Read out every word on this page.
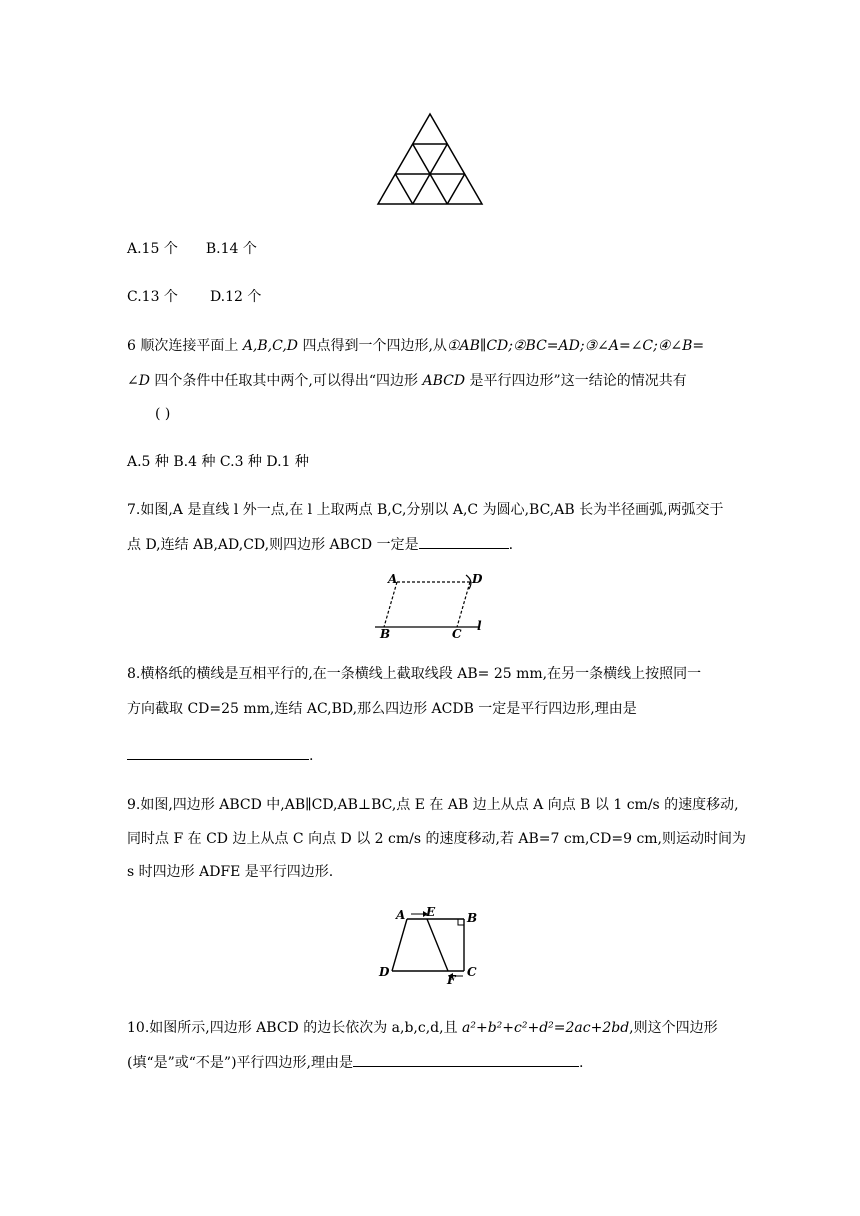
A.15 个 B.14 个
C.13 个 D.12 个
6 顺次连接平面上 A,B,C,D 四点得到一个四边形,从①AB∥CD;②BC=AD;③∠A=∠C;④∠B=
∠D 四个条件中任取其中两个,可以得出“四边形 ABCD 是平行四边形”这一结论的情况共有
( )
A.5 种 B.4 种 C.3 种 D.1 种
7.如图,A 是直线 l 外一点,在 l 上取两点 B,C,分别以 A,C 为圆心,BC,AB 长为半径画弧,两弧交于
点 D,连结 AB,AD,CD,则四边形 ABCD 一定是	.
A	D
B	C
l
8.横格纸的横线是互相平行的,在一条横线上截取线段 AB= 25 mm,在另一条横线上按照同一
方向截取 CD=25 mm,连结 AC,BD,那么四边形 ACDB 一定是平行四边形,理由是
.
9.如图,四边形 ABCD 中,AB∥CD,AB⊥BC,点 E 在 AB 边上从点 A 向点 B 以 1 cm/s 的速度移动,
同时点 F 在 CD 边上从点 C 向点 D 以 2 cm/s 的速度移动,若 AB=7 cm,CD=9 cm,则运动时间为
s 时四边形 ADFE 是平行四边形.
A E	B
D
F
C
10.如图所示,四边形 ABCD 的边长依次为 a,b,c,d,且 a²+b²+c²+d²=2ac+2bd,则这个四边形
(填“是”或“不是”)平行四边形,理由是	.
